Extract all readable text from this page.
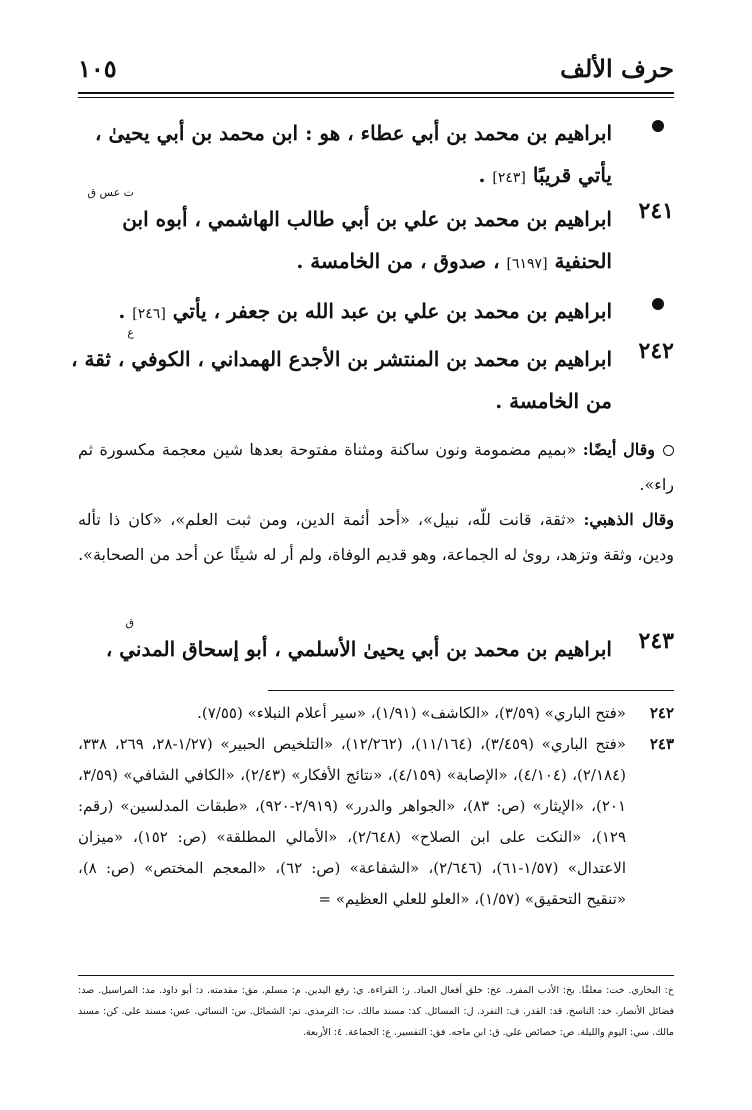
حرف الألف
١٠٥
ابراهيم بن محمد بن أبي عطاء ، هو : ابن محمد بن أبي يحيىٰ ، يأتي قريبًا [٢٤٣] .
ت عس ق
٢٤١
ابراهيم بن محمد بن علي بن أبي طالب الهاشمي ، أبوه ابن الحنفية [٦١٩٧] ، صدوق ، من الخامسة .
ابراهيم بن محمد بن علي بن عبد الله بن جعفر ، يأتي [٢٤٦] .
ع
٢٤٢
ابراهيم بن محمد بن المنتشر بن الأجدع الهمداني ، الكوفي ، ثقة ، من الخامسة .
وقال أيضًا: «بميم مضمومة ونون ساكنة ومثناة مفتوحة بعدها شين معجمة مكسورة ثم راء».
وقال الذهبي: «ثقة، قانت للّه، نبيل»، «أحد أئمة الدين، ومن ثبت العلم»، «كان ذا تأله ودين، وثقة وتزهد، روىٰ له الجماعة، وهو قديم الوفاة، ولم أر له شيئًا عن أحد من الصحابة».
ق
٢٤٣
ابراهيم بن محمد بن أبي يحيىٰ الأسلمي ، أبو إسحاق المدني ،
٢٤٢
«فتح الباري» (٣/٥٩)، «الكاشف» (١/٩١)، «سير أعلام النبلاء» (٧/٥٥).
٢٤٣
«فتح الباري» (٣/٤٥٩)، (١١/١٦٤)، (١٢/٢٦٢)، «التلخيص الحبير» (١/٢٧-٢٨، ٢٦٩، ٣٣٨، (٢/١٨٤)، (٤/١٠٤)، «الإصابة» (٤/١٥٩)، «نتائج الأفكار» (٢/٤٣)، «الكافي الشافي» (٣/٥٩، ٢٠١)، «الإيثار» (ص: ٨٣)، «الجواهر والدرر» (٢/٩١٩-٩٢٠)، «طبقات المدلسين» (رقم: ١٢٩)، «النكت على ابن الصلاح» (٢/٦٤٨)، «الأمالي المطلقة» (ص: ١٥٢)، «ميزان الاعتدال» (١/٥٧-٦١)، (٢/٦٤٦)، «الشفاعة» (ص: ٦٢)، «المعجم المختص» (ص: ٨)، «تنقيح التحقيق» (١/٥٧)، «العلو للعلي العظيم» =
خ: البخاري. خت: معلقًا. بخ: الأدب المفرد. عخ: خلق أفعال العباد. ر: القراءة. ي: رفع اليدين. م: مسلم. مق: مقدمته. د: أبو داود. مد: المراسيل. صد: فضائل الأنصار. خد: الناسخ. قد: القدر. ف: التفرد. ل: المسائل. كد: مسند مالك. ت: الترمذي. تم: الشمائل. س: النسائي. عس: مسند علي. كن: مسند مالك. سي: اليوم والليلة. ص: خصائص علي. ق: ابن ماجه. فق: التفسير. ع: الجماعة. ٤: الأربعة.
